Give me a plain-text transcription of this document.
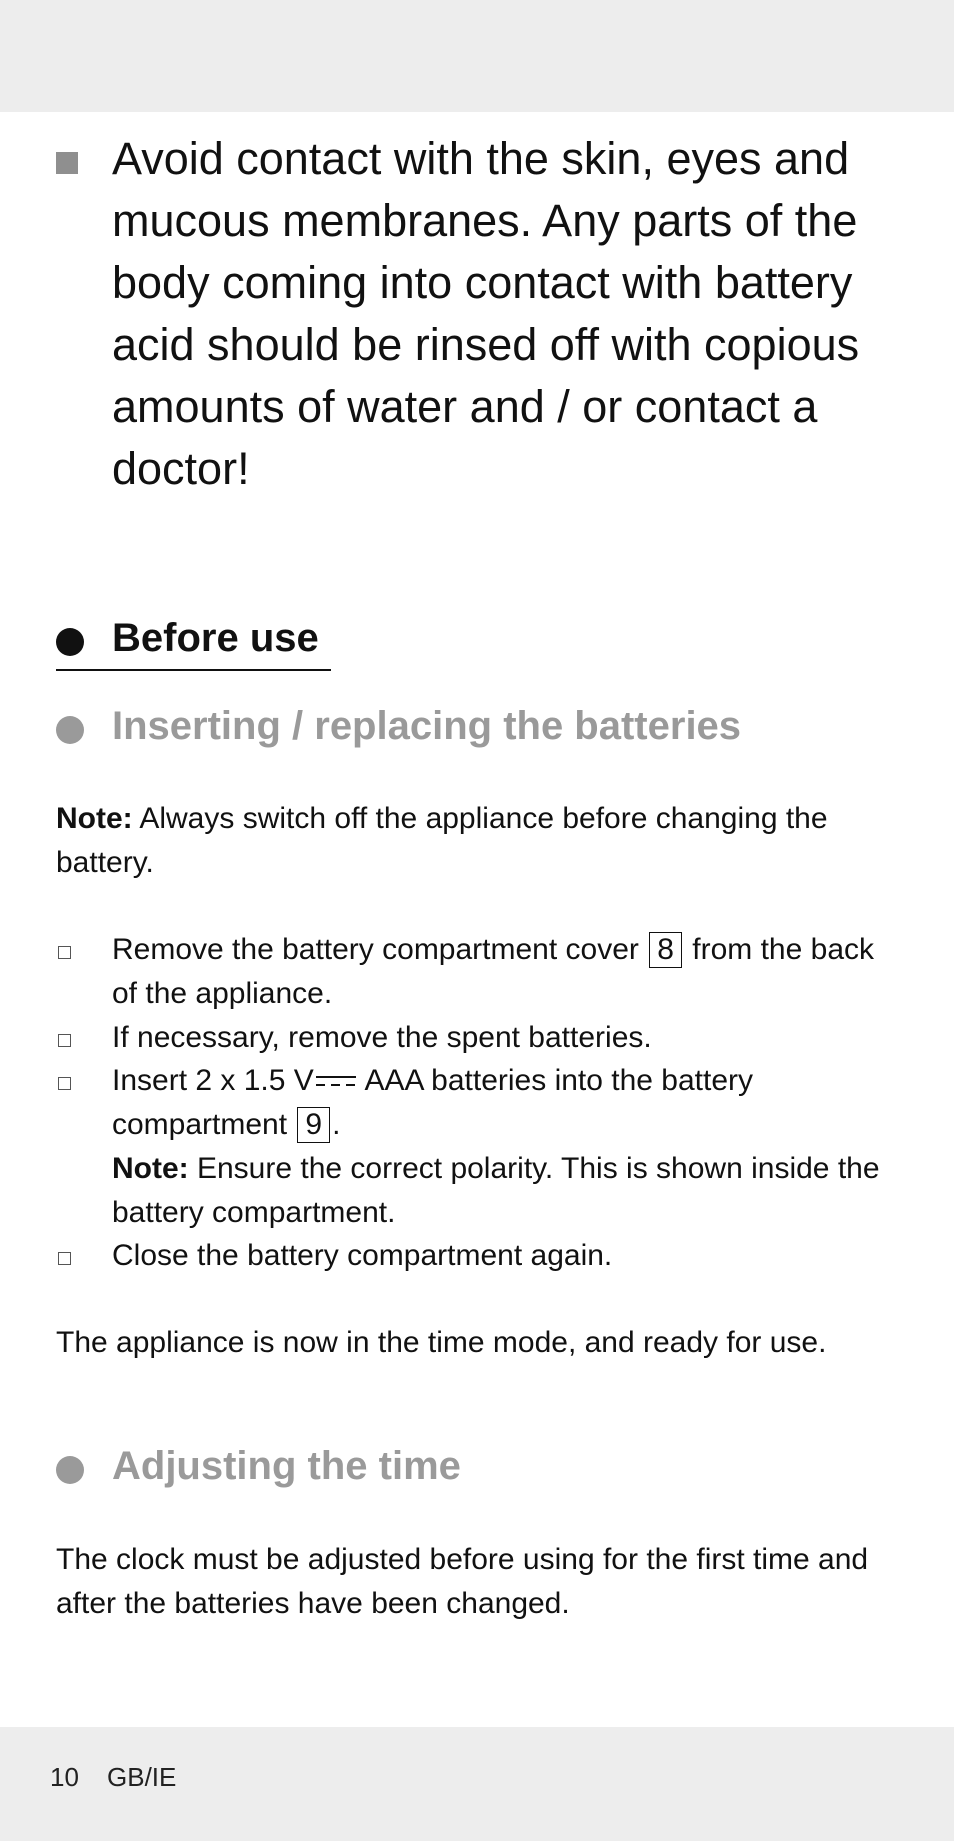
Avoid contact with the skin, eyes and mucous membranes. Any parts of the body coming into contact with battery acid should be rinsed off with copious amounts of water and / or contact a doctor!
Before use
Inserting / replacing the batteries
Note: Always switch off the appliance before changing the battery.
Remove the battery compartment cover 8 from the back of the appliance.
If necessary, remove the spent batteries.
Insert 2 x 1.5 V
AAA batteries into the battery compartment 9 .
Note: Ensure the correct polarity. This is shown inside the battery compartment.
Close the battery compartment again.
The appliance is now in the time mode, and ready for use.
Adjusting the time
The clock must be adjusted before using for the first time and after the batteries have been changed.
10 GB/IE
